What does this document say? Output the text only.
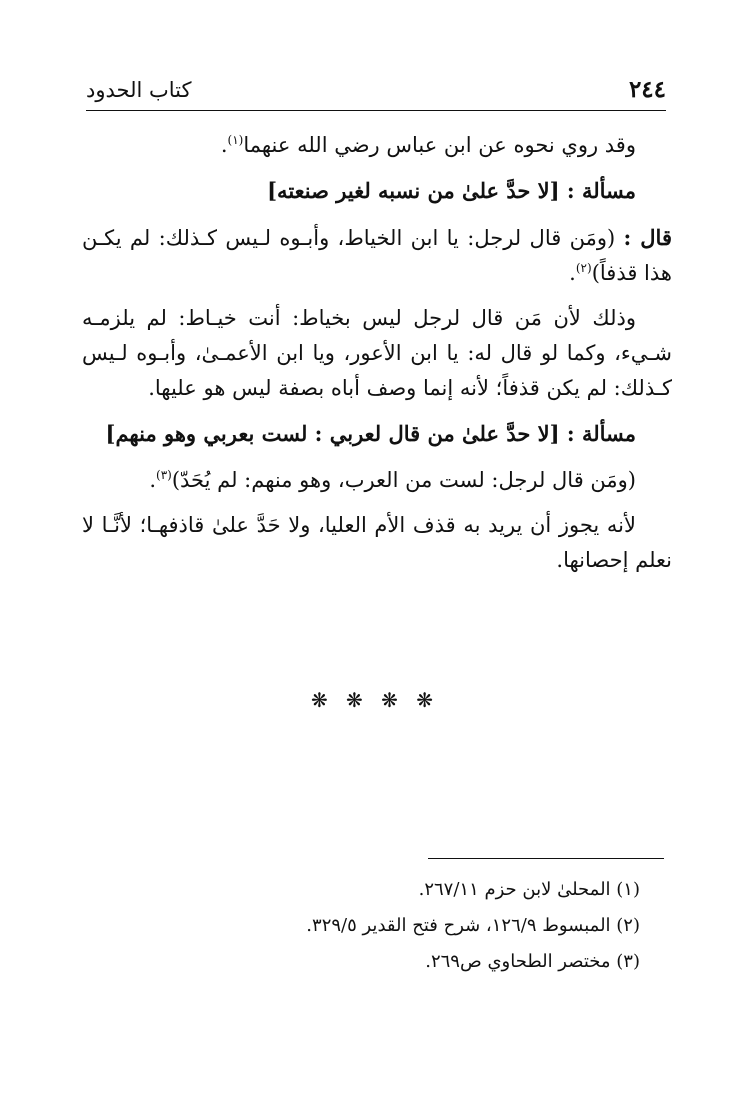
٢٤٤
كتاب الحدود

وقد روي نحوه عن ابن عباس رضي الله عنهما$^{(١)}$.

مسألة : [لا حدَّ علىٰ من نسبه لغير صنعته]

قال : (ومَن قال لرجل: يا ابن الخياط، وأبـوه لـيس كـذلك: لم يكـن هذا قذفاً)$^{(٢)}$.

وذلك لأن مَن قال لرجل ليس بخياط: أنت خيـاط: لم يلزمـه شـيء، وكما لو قال له: يا ابن الأعور، ويا ابن الأعمـىٰ، وأبـوه لـيس كـذلك: لم يكن قذفاً؛ لأنه إنما وصف أباه بصفة ليس هو عليها.

مسألة : [لا حدَّ علىٰ من قال لعربي : لست بعربي وهو منهم]

(ومَن قال لرجل: لست من العرب، وهو منهم: لم يُحَدّ)$^{(٣)}$.

لأنه يجوز أن يريد به قذف الأم العليا، ولا حَدَّ علىٰ قاذفهـا؛ لأنَّـا لا نعلم إحصانها.

❋ ❋ ❋ ❋
(١) المحلىٰ لابن حزم ٢٦٧/١١.
(٢) المبسوط ١٢٦/٩، شرح فتح القدير ٣٢٩/٥.
(٣) مختصر الطحاوي ص٢٦٩.
